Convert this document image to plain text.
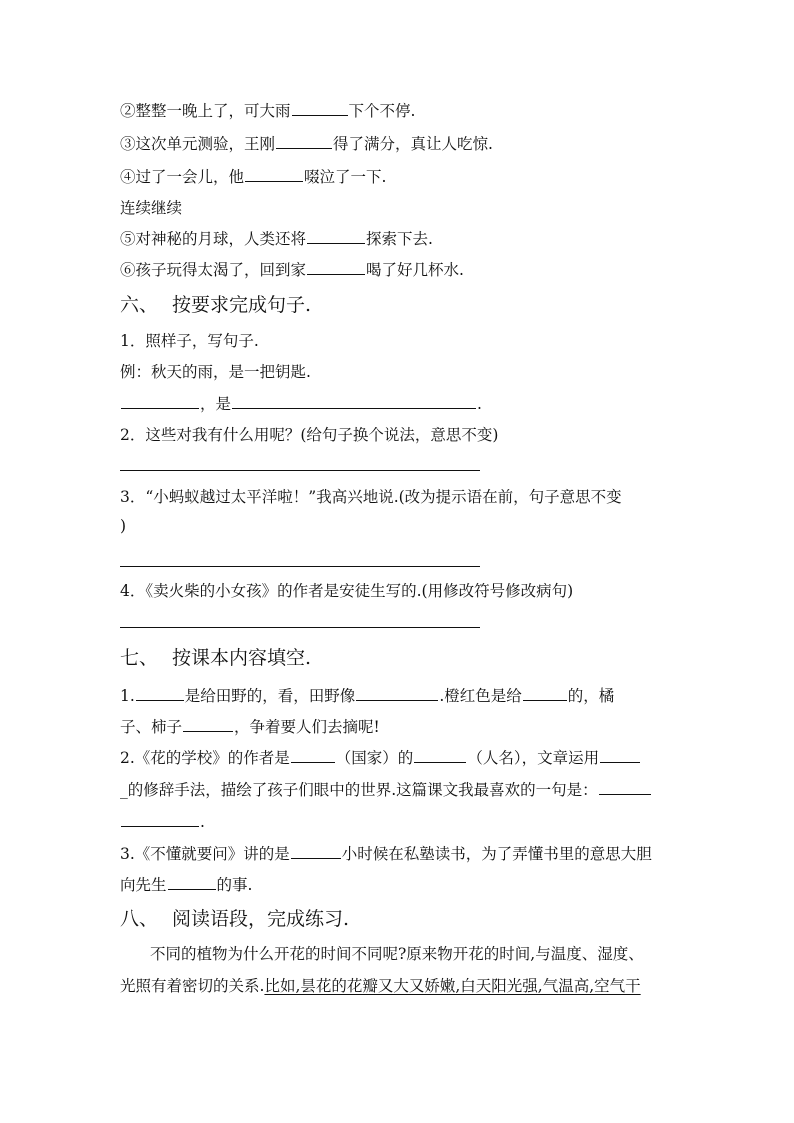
②整整一晚上了，可大雨	下个不停.
③这次单元测验，王刚	得了满分，真让人吃惊.
④过了一会儿，他	啜泣了一下.
连续继续
⑤对神秘的月球，人类还将	探索下去.
⑥孩子玩得太渴了，回到家	喝了好几杯水.
六、 按要求完成句子.
1．照样子，写句子.
例：秋天的雨，是一把钥匙.
，是	.
2．这些对我有什么用呢？(给句子换个说法，意思不变)
3．“小蚂蚁越过太平洋啦！”我高兴地说.(改为提示语在前，句子意思不变
)
4．《卖火柴的小女孩》的作者是安徒生写的.(用修改符号修改病句)
七、 按课本内容填空.
1.	是给田野的，看，田野像	.橙红色是给	的，橘
子、柿子	，争着要人们去摘呢!
2.《花的学校》的作者是	（国家）的	（人名），文章运用
_的修辞手法，描绘了孩子们眼中的世界.这篇课文我最喜欢的一句是：
.
3.《不懂就要问》讲的是	小时候在私塾读书，为了弄懂书里的意思大胆
向先生	的事.
八、 阅读语段，完成练习.
不同的植物为什么开花的时间不同呢?原来物开花的时间,与温度、湿度、
光照有着密切的关系.比如,昙花的花瓣又大又娇嫩,白天阳光强,气温高,空气干
